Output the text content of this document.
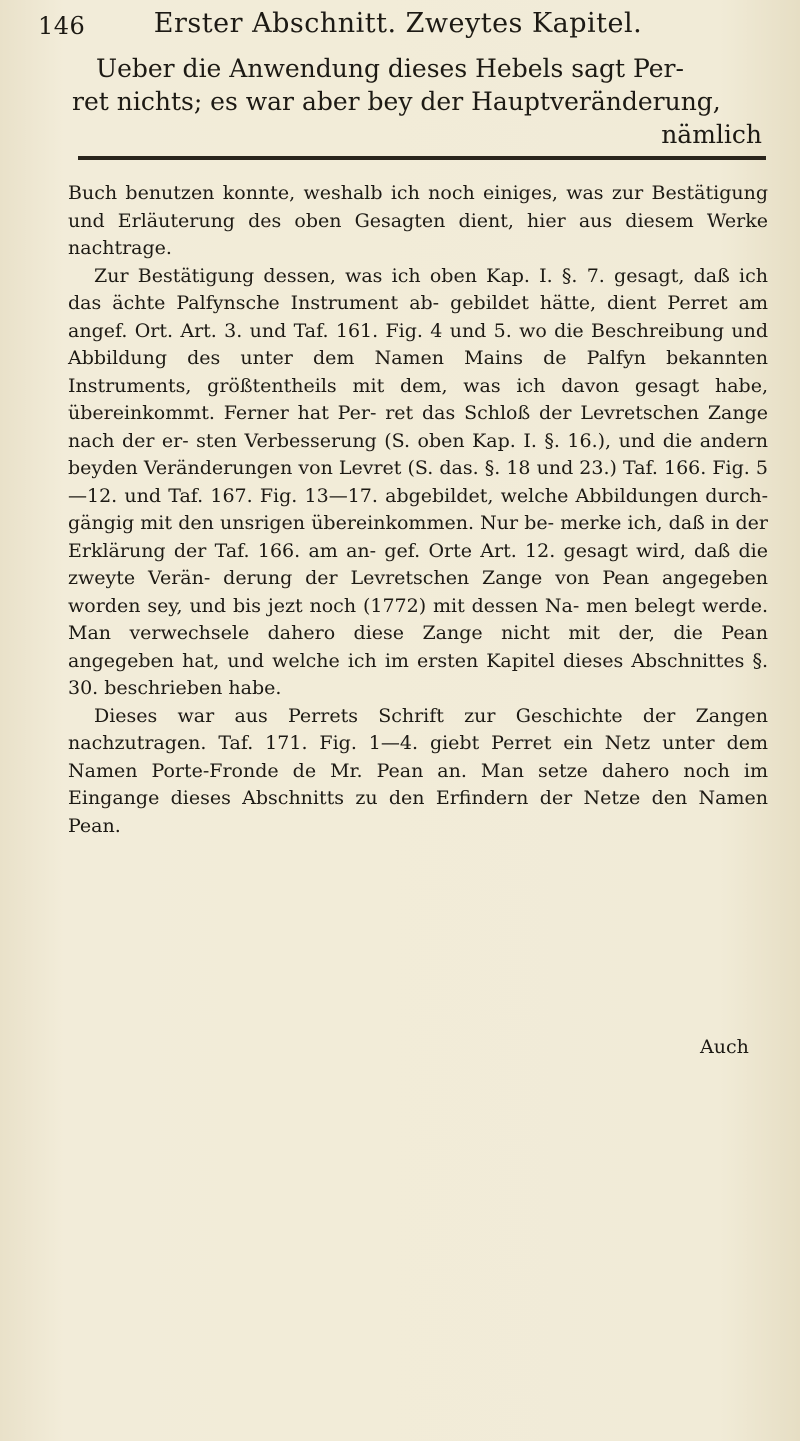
146	Erster Abschnitt. Zweytes Kapitel.

Ueber die Anwendung dieses Hebels sagt Per-

ret nichts; es war aber bey der Hauptveränderung,

nämlich

Buch benutzen konnte, weshalb ich noch einiges, was zur Bestätigung und Erläuterung des oben Gesagten dient, hier aus diesem Werke nachtrage.

Zur Bestätigung dessen, was ich oben Kap. I. §. 7. gesagt, daß ich das ächte Palfynsche Instrument ab- gebildet hätte, dient Perret am angef. Ort. Art. 3. und Taf. 161. Fig. 4 und 5. wo die Beschreibung und Abbildung des unter dem Namen Mains de Palfyn bekannten Instruments, größtentheils mit dem, was ich davon gesagt habe, übereinkommt. Ferner hat Per- ret das Schloß der Levretschen Zange nach der er- sten Verbesserung (S. oben Kap. I. §. 16.), und die andern beyden Veränderungen von Levret (S. das. §. 18 und 23.) Taf. 166. Fig. 5—12. und Taf. 167. Fig. 13—17. abgebildet, welche Abbildungen durch- gängig mit den unsrigen übereinkommen. Nur be- merke ich, daß in der Erklärung der Taf. 166. am an- gef. Orte Art. 12. gesagt wird, daß die zweyte Verän- derung der Levretschen Zange von Pean angegeben worden sey, und bis jezt noch (1772) mit dessen Na- men belegt werde. Man verwechsele dahero diese Zange nicht mit der, die Pean angegeben hat, und welche ich im ersten Kapitel dieses Abschnittes §. 30. beschrieben habe.

Dieses war aus Perrets Schrift zur Geschichte der Zangen nachzutragen. Taf. 171. Fig. 1—4. giebt Perret ein Netz unter dem Namen Porte-Fronde de Mr. Pean an. Man setze dahero noch im Eingange dieses Abschnitts zu den Erfindern der Netze den Namen Pean.

Auch
